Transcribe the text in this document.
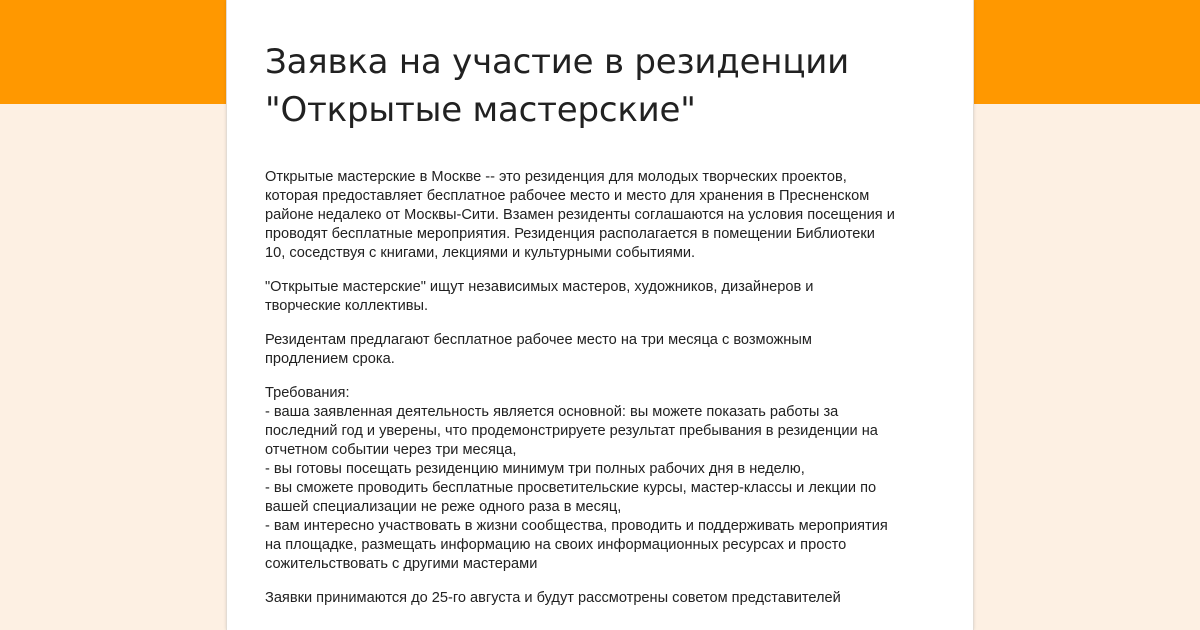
Заявка на участие в резиденции
"Открытые мастерские"

Открытые мастерские в Москве -- это резиденция для молодых творческих проектов,
которая предоставляет бесплатное рабочее место и место для хранения в Пресненском
районе недалеко от Москвы-Сити. Взамен резиденты соглашаются на условия посещения и
проводят бесплатные мероприятия. Резиденция располагается в помещении Библиотеки
10, соседствуя с книгами, лекциями и культурными событиями.

"Открытые мастерские" ищут независимых мастеров, художников, дизайнеров и
творческие коллективы.

Резидентам предлагают бесплатное рабочее место на три месяца с возможным
продлением срока.

Требования:
- ваша заявленная деятельность является основной: вы можете показать работы за
последний год и уверены, что продемонстрируете результат пребывания в резиденции на
отчетном событии через три месяца,
- вы готовы посещать резиденцию минимум три полных рабочих дня в неделю,
- вы сможете проводить бесплатные просветительские курсы, мастер-классы и лекции по
вашей специализации не реже одного раза в месяц,
- вам интересно участвовать в жизни сообщества, проводить и поддерживать мероприятия
на площадке, размещать информацию на своих информационных ресурсах и просто
сожительствовать с другими мастерами

Заявки принимаются до 25-го августа и будут рассмотрены советом представителей
